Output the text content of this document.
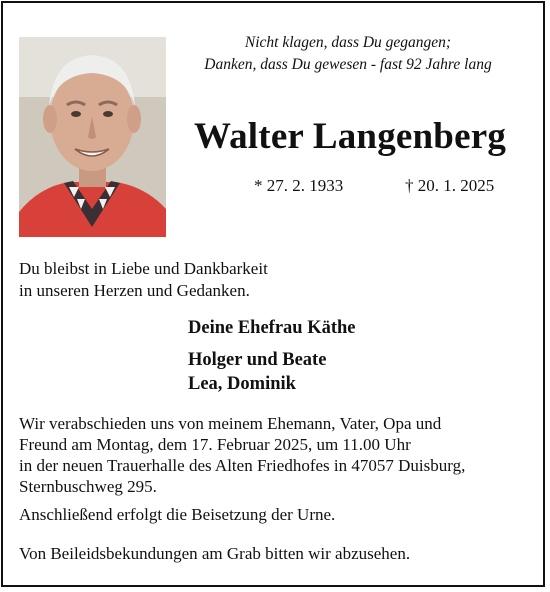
Nicht klagen, dass Du gegangen;
Danken, dass Du gewesen - fast 92 Jahre lang
Walter Langenberg
* 27. 2. 1933	† 20. 1. 2025
Du bleibst in Liebe und Dankbarkeit
in unseren Herzen und Gedanken.
Deine Ehefrau Käthe
Holger und Beate
Lea, Dominik
Wir verabschieden uns von meinem Ehemann, Vater, Opa und
Freund am Montag, dem 17. Februar 2025, um 11.00 Uhr
in der neuen Trauerhalle des Alten Friedhofes in 47057 Duisburg,
Sternbuschweg 295.
Anschließend erfolgt die Beisetzung der Urne.
Von Beileidsbekundungen am Grab bitten wir abzusehen.
